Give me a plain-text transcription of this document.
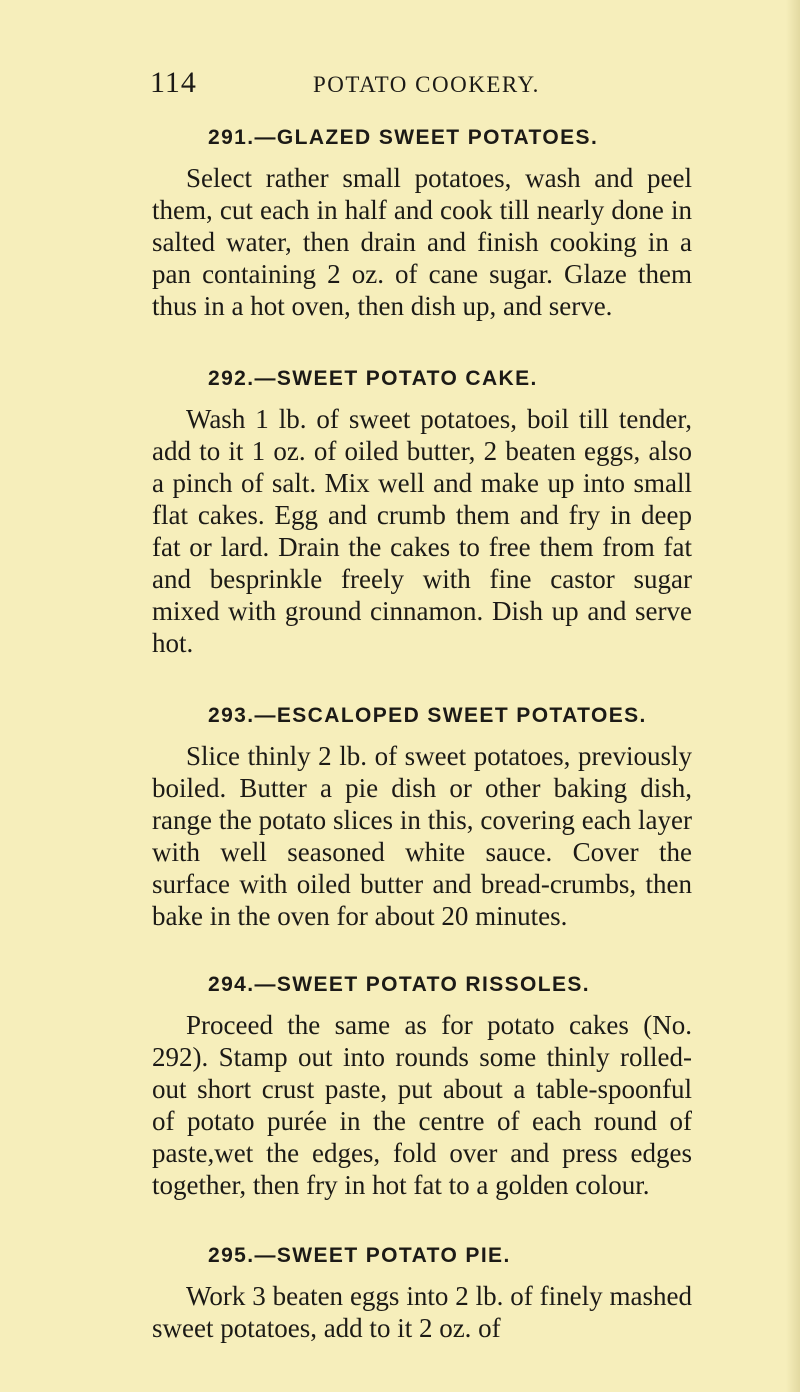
114	POTATO COOKERY.
291.—GLAZED SWEET POTATOES.

Select rather small potatoes, wash and peel them, cut each in half and cook till nearly done in salted water, then drain and finish cooking in a pan containing 2 oz. of cane sugar. Glaze them thus in a hot oven, then dish up, and serve.

292.—SWEET POTATO CAKE.

Wash 1 lb. of sweet potatoes, boil till tender, add to it 1 oz. of oiled butter, 2 beaten eggs, also a pinch of salt. Mix well and make up into small flat cakes. Egg and crumb them and fry in deep fat or lard. Drain the cakes to free them from fat and besprinkle freely with fine castor sugar mixed with ground cinnamon. Dish up and serve hot.

293.—ESCALOPED SWEET POTATOES.

Slice thinly 2 lb. of sweet potatoes, previously boiled. Butter a pie dish or other baking dish, range the potato slices in this, covering each layer with well seasoned white sauce. Cover the surface with oiled butter and bread-crumbs, then bake in the oven for about 20 minutes.

294.—SWEET POTATO RISSOLES.

Proceed the same as for potato cakes (No. 292). Stamp out into rounds some thinly rolled-out short crust paste, put about a table-spoonful of potato purée in the centre of each round of paste,wet the edges, fold over and press edges together, then fry in hot fat to a golden colour.

295.—SWEET POTATO PIE.

Work 3 beaten eggs into 2 lb. of finely mashed sweet potatoes, add to it 2 oz. of
